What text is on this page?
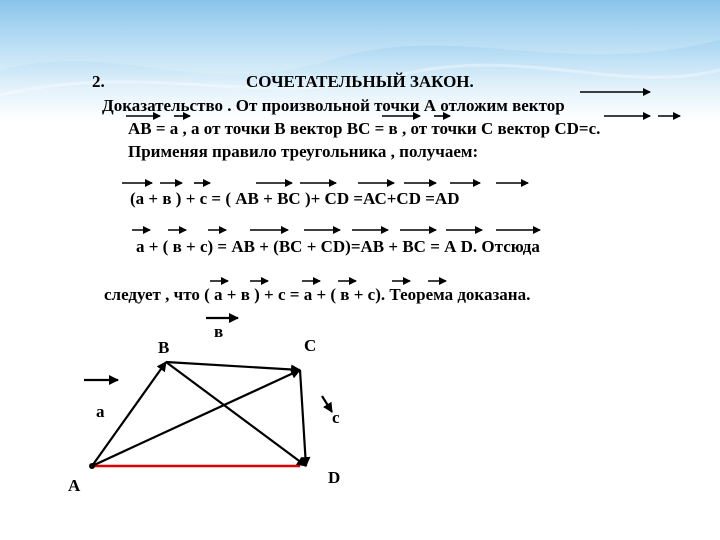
2.	СОЧЕТАТЕЛЬНЫЙ ЗАКОН.
Доказательство . От произвольной точки А отложим вектор
АВ = а , а от точки В вектор ВС = в , от точки С вектор СD=с.
Применяя правило треугольника , получаем:
(а + в ) + с = ( АВ + ВС )+ СD =АС+СD =АD
а + ( в + с) = АВ + (ВС + СD)=АВ + ВС = А D. Отсюда
следует , что ( а + в ) + с = а + ( в + с). Теорема доказана.
А
В	С
D
а
в
с
